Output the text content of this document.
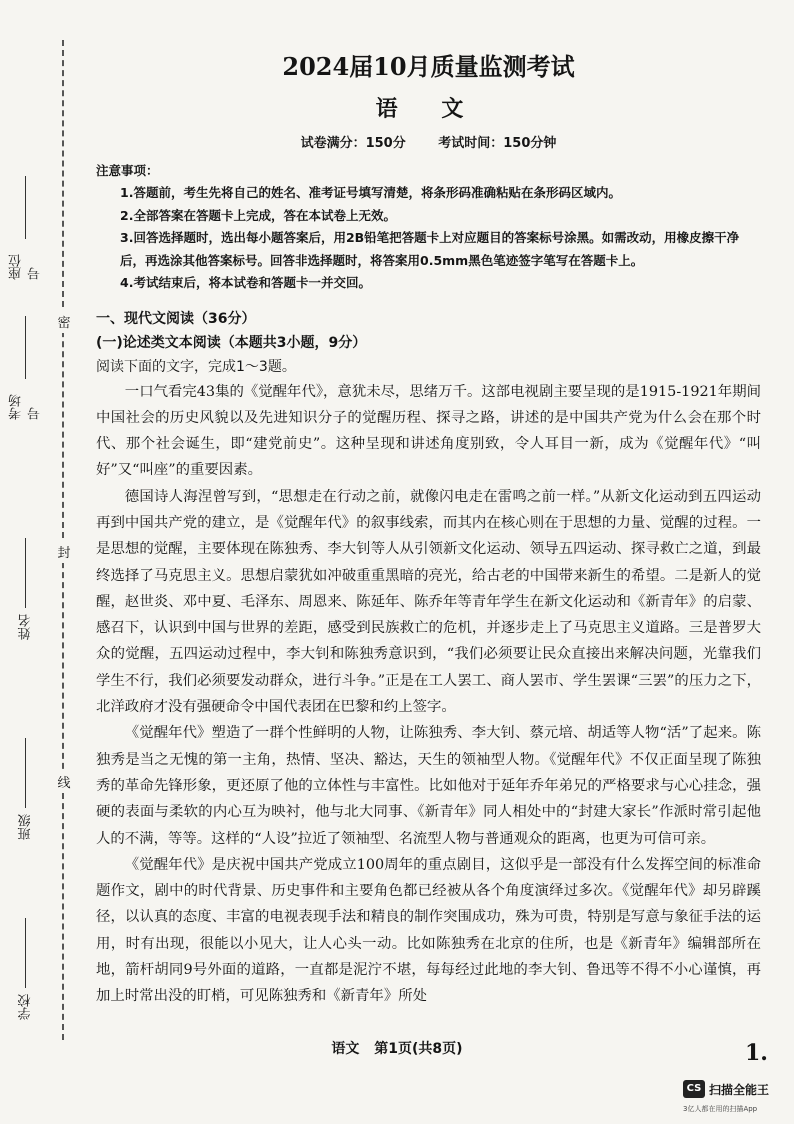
座位号
考场号
姓名
班级
学校
密
封
线
2024届10月质量监测考试
语 文
试卷满分：150分	考试时间：150分钟
注意事项：
1.答题前，考生先将自己的姓名、准考证号填写清楚，将条形码准确粘贴在条形码区域内。
2.全部答案在答题卡上完成，答在本试卷上无效。
3.回答选择题时，选出每小题答案后，用2B铅笔把答题卡上对应题目的答案标号涂黑。如需改动，用橡皮擦干净后，再选涂其他答案标号。回答非选择题时，将答案用0.5mm黑色笔迹签字笔写在答题卡上。
4.考试结束后，将本试卷和答题卡一并交回。
一、现代文阅读（36分）
(一)论述类文本阅读（本题共3小题，9分）
阅读下面的文字，完成1～3题。

一口气看完43集的《觉醒年代》，意犹未尽，思绪万千。这部电视剧主要呈现的是1915-1921年期间中国社会的历史风貌以及先进知识分子的觉醒历程、探寻之路，讲述的是中国共产党为什么会在那个时代、那个社会诞生，即“建党前史”。这种呈现和讲述角度别致，令人耳目一新，成为《觉醒年代》“叫好”又“叫座”的重要因素。

德国诗人海涅曾写到，“思想走在行动之前，就像闪电走在雷鸣之前一样。”从新文化运动到五四运动再到中国共产党的建立，是《觉醒年代》的叙事线索，而其内在核心则在于思想的力量、觉醒的过程。一是思想的觉醒，主要体现在陈独秀、李大钊等人从引领新文化运动、领导五四运动、探寻救亡之道，到最终选择了马克思主义。思想启蒙犹如冲破重重黑暗的亮光，给古老的中国带来新生的希望。二是新人的觉醒，赵世炎、邓中夏、毛泽东、周恩来、陈延年、陈乔年等青年学生在新文化运动和《新青年》的启蒙、感召下，认识到中国与世界的差距，感受到民族救亡的危机，并逐步走上了马克思主义道路。三是普罗大众的觉醒，五四运动过程中，李大钊和陈独秀意识到，“我们必须要让民众直接出来解决问题，光靠我们学生不行，我们必须要发动群众，进行斗争。”正是在工人罢工、商人罢市、学生罢课“三罢”的压力之下，北洋政府才没有强硬命令中国代表团在巴黎和约上签字。

《觉醒年代》塑造了一群个性鲜明的人物，让陈独秀、李大钊、蔡元培、胡适等人物“活”了起来。陈独秀是当之无愧的第一主角，热情、坚决、豁达，天生的领袖型人物。《觉醒年代》不仅正面呈现了陈独秀的革命先锋形象，更还原了他的立体性与丰富性。比如他对于延年乔年弟兄的严格要求与心心挂念，强硬的表面与柔软的内心互为映衬，他与北大同事、《新青年》同人相处中的“封建大家长”作派时常引起他人的不满，等等。这样的“人设”拉近了领袖型、名流型人物与普通观众的距离，也更为可信可亲。

《觉醒年代》是庆祝中国共产党成立100周年的重点剧目，这似乎是一部没有什么发挥空间的标准命题作文，剧中的时代背景、历史事件和主要角色都已经被从各个角度演绎过多次。《觉醒年代》却另辟蹊径，以认真的态度、丰富的电视表现手法和精良的制作突围成功，殊为可贵，特别是写意与象征手法的运用，时有出现，很能以小见大，让人心头一动。比如陈独秀在北京的住所，也是《新青年》编辑部所在地，箭杆胡同9号外面的道路，一直都是泥泞不堪，每每经过此地的李大钊、鲁迅等不得不小心谨慎，再加上时常出没的盯梢，可见陈独秀和《新青年》所处

语文 第1页(共8页)	1.
CS 扫描全能王
3亿人都在用的扫描App
